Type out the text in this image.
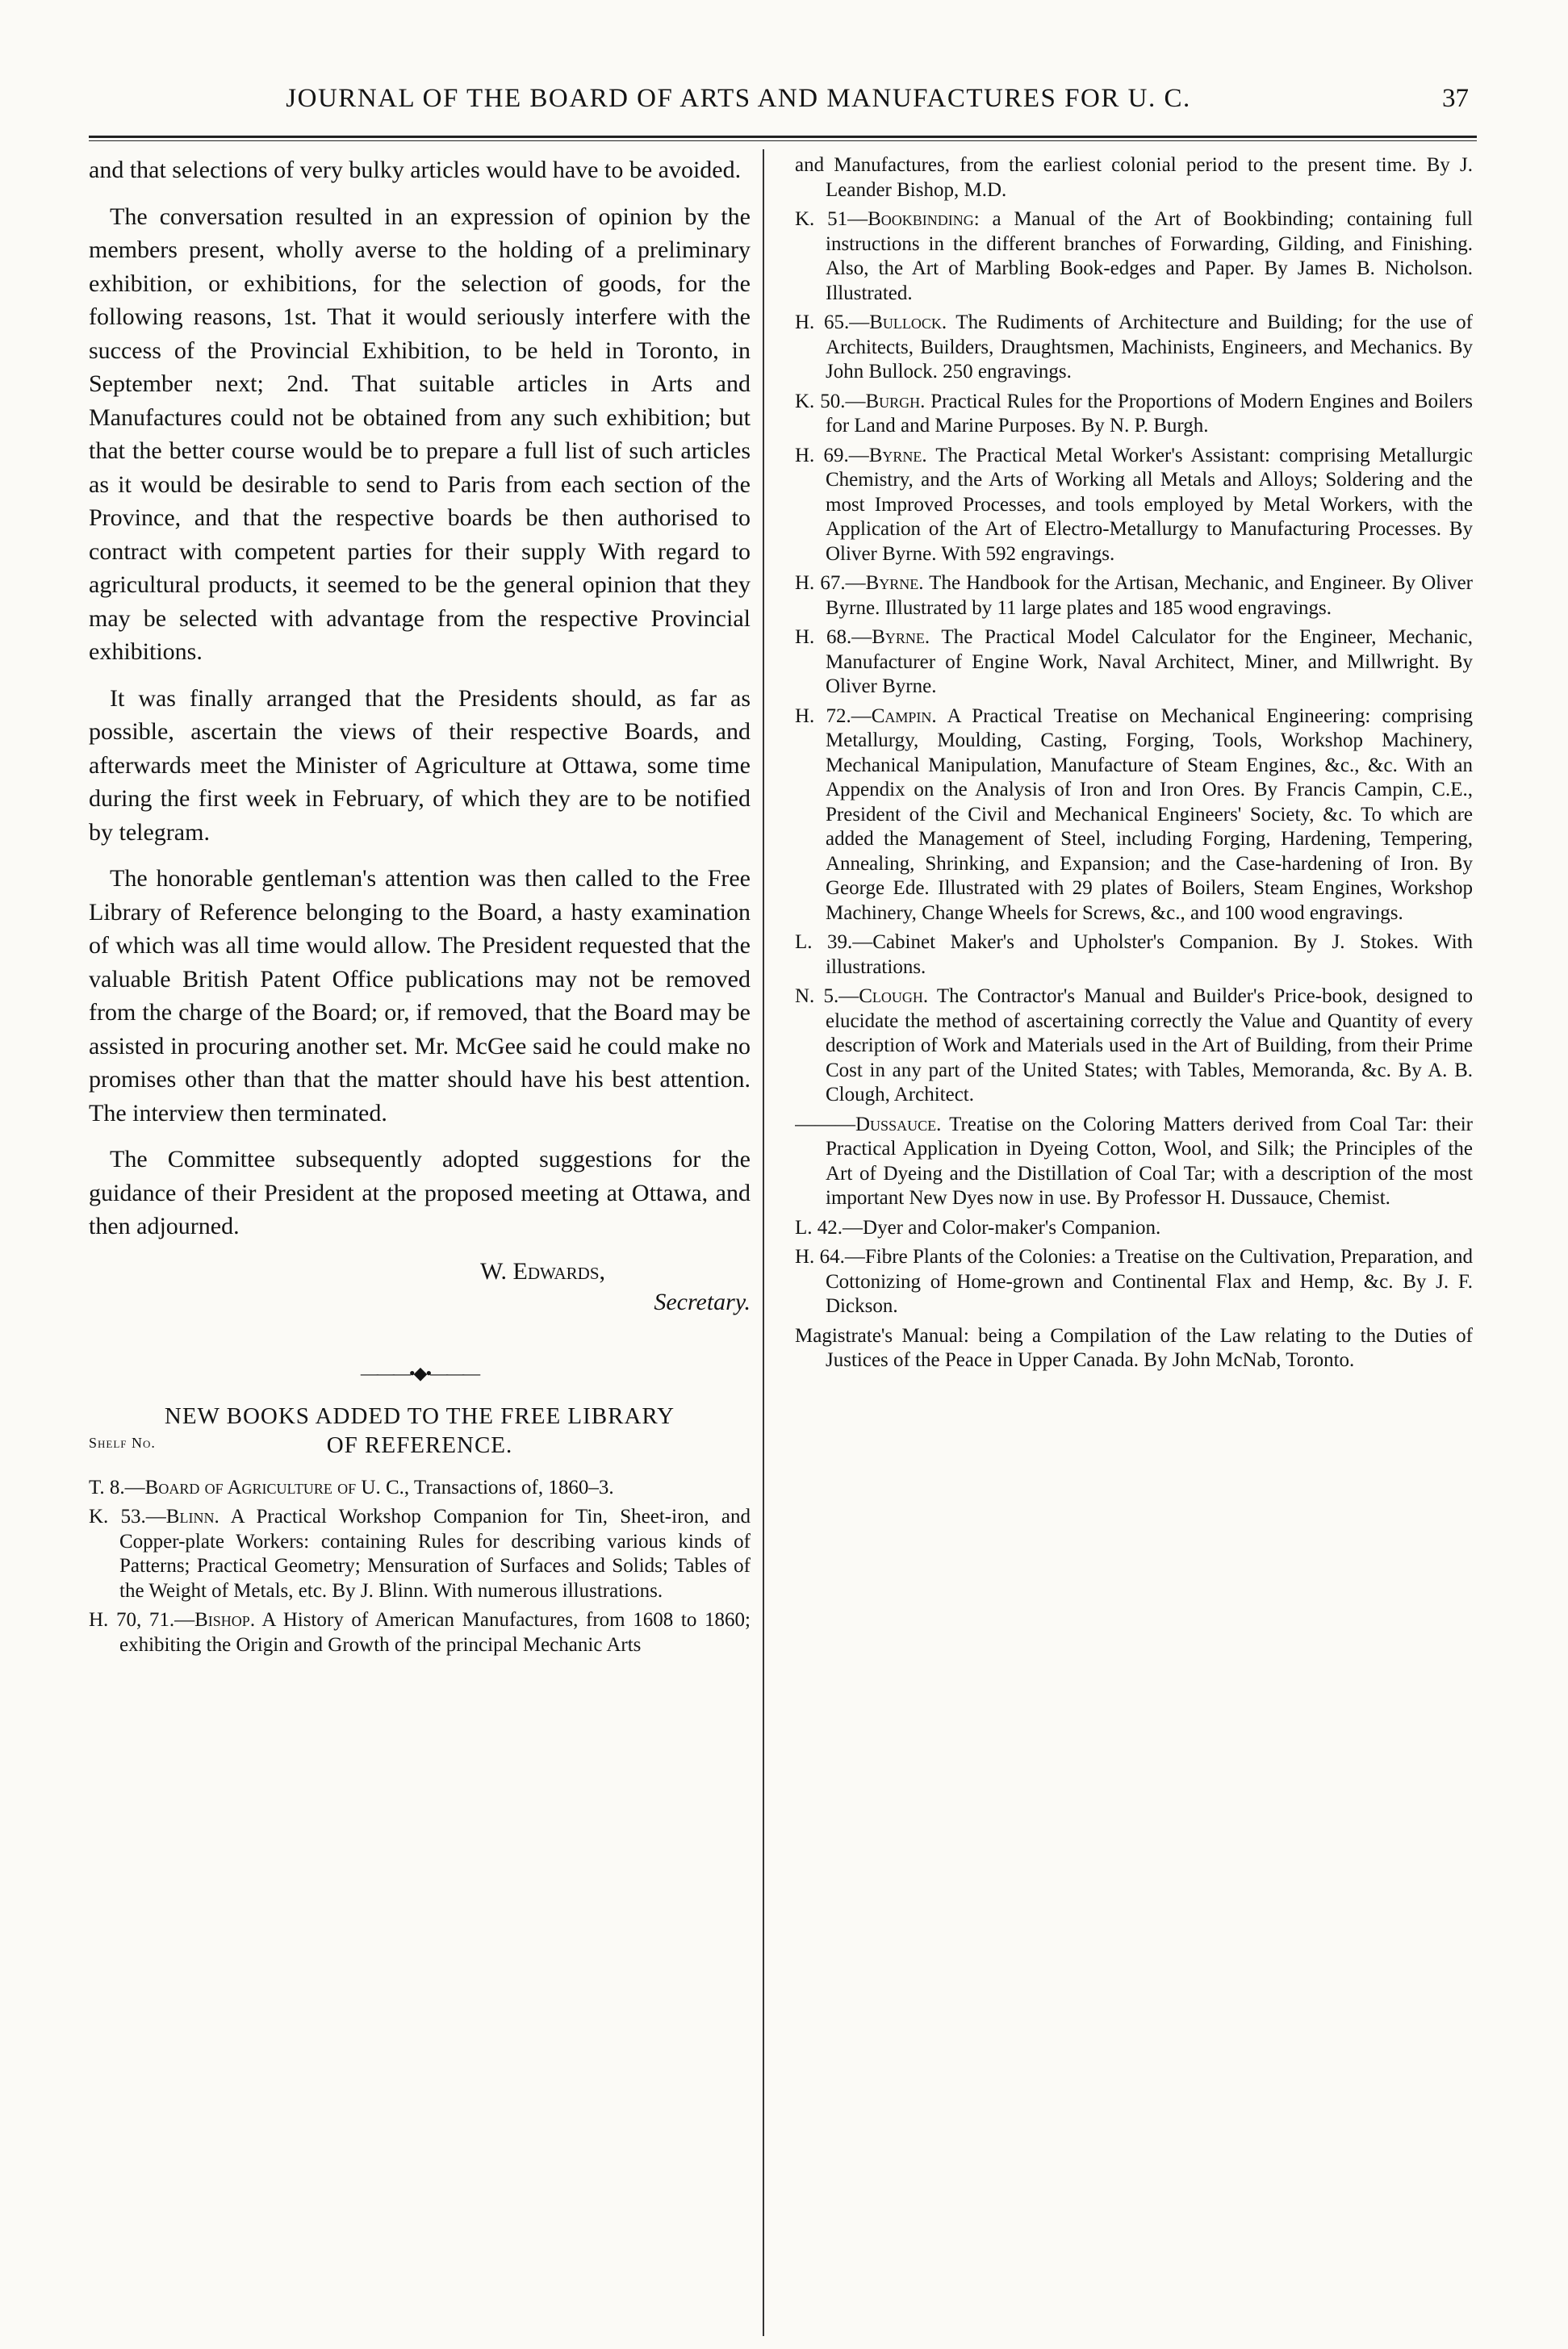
JOURNAL OF THE BOARD OF ARTS AND MANUFACTURES FOR U. C.	37

and that selections of very bulky articles would have to be avoided.

The conversation resulted in an expression of opinion by the members present, wholly averse to the holding of a preliminary exhibition, or exhibitions, for the selection of goods, for the following reasons, 1st. That it would seriously interfere with the success of the Provincial Exhibition, to be held in Toronto, in September next; 2nd. That suitable articles in Arts and Manufactures could not be obtained from any such exhibition; but that the better course would be to prepare a full list of such articles as it would be desirable to send to Paris from each section of the Province, and that the respective boards be then authorised to contract with competent parties for their supply With regard to agricultural products, it seemed to be the general opinion that they may be selected with advantage from the respective Provincial exhibitions.

It was finally arranged that the Presidents should, as far as possible, ascertain the views of their respective Boards, and afterwards meet the Minister of Agriculture at Ottawa, some time during the first week in February, of which they are to be notified by telegram.

The honorable gentleman's attention was then called to the Free Library of Reference belonging to the Board, a hasty examination of which was all time would allow. The President requested that the valuable British Patent Office publications may not be removed from the charge of the Board; or, if removed, that the Board may be assisted in procuring another set. Mr. McGee said he could make no promises other than that the matter should have his best attention. The interview then terminated.

The Committee subsequently adopted suggestions for the guidance of their President at the proposed meeting at Ottawa, and then adjourned.

W. Edwards,
Secretary.
———•◆•———

NEW BOOKS ADDED TO THE FREE LIBRARY

Shelf No.	OF REFERENCE.

T. 8.—Board of Agriculture of U. C., Transactions of, 1860–3.

K. 53.—Blinn. A Practical Workshop Companion for Tin, Sheet-iron, and Copper-plate Workers: containing Rules for describing various kinds of Patterns; Practical Geometry; Mensuration of Surfaces and Solids; Tables of the Weight of Metals, etc. By J. Blinn. With numerous illustrations.

H. 70, 71.—Bishop. A History of American Manufactures, from 1608 to 1860; exhibiting the Origin and Growth of the principal Mechanic Arts

and Manufactures, from the earliest colonial period to the present time. By J. Leander Bishop, M.D.

K. 51—Bookbinding: a Manual of the Art of Bookbinding; containing full instructions in the different branches of Forwarding, Gilding, and Finishing. Also, the Art of Marbling Book-edges and Paper. By James B. Nicholson. Illustrated.

H. 65.—Bullock. The Rudiments of Architecture and Building; for the use of Architects, Builders, Draughtsmen, Machinists, Engineers, and Mechanics. By John Bullock. 250 engravings.

K. 50.—Burgh. Practical Rules for the Proportions of Modern Engines and Boilers for Land and Marine Purposes. By N. P. Burgh.

H. 69.—Byrne. The Practical Metal Worker's Assistant: comprising Metallurgic Chemistry, and the Arts of Working all Metals and Alloys; Soldering and the most Improved Processes, and tools employed by Metal Workers, with the Application of the Art of Electro-Metallurgy to Manufacturing Processes. By Oliver Byrne. With 592 engravings.

H. 67.—Byrne. The Handbook for the Artisan, Mechanic, and Engineer. By Oliver Byrne. Illustrated by 11 large plates and 185 wood engravings.

H. 68.—Byrne. The Practical Model Calculator for the Engineer, Mechanic, Manufacturer of Engine Work, Naval Architect, Miner, and Millwright. By Oliver Byrne.

H. 72.—Campin. A Practical Treatise on Mechanical Engineering: comprising Metallurgy, Moulding, Casting, Forging, Tools, Workshop Machinery, Mechanical Manipulation, Manufacture of Steam Engines, &c., &c. With an Appendix on the Analysis of Iron and Iron Ores. By Francis Campin, C.E., President of the Civil and Mechanical Engineers' Society, &c. To which are added the Management of Steel, including Forging, Hardening, Tempering, Annealing, Shrinking, and Expansion; and the Case-hardening of Iron. By George Ede. Illustrated with 29 plates of Boilers, Steam Engines, Workshop Machinery, Change Wheels for Screws, &c., and 100 wood engravings.

L. 39.—Cabinet Maker's and Upholster's Companion. By J. Stokes. With illustrations.

N. 5.—Clough. The Contractor's Manual and Builder's Price-book, designed to elucidate the method of ascertaining correctly the Value and Quantity of every description of Work and Materials used in the Art of Building, from their Prime Cost in any part of the United States; with Tables, Memoranda, &c. By A. B. Clough, Architect.

———Dussauce. Treatise on the Coloring Matters derived from Coal Tar: their Practical Application in Dyeing Cotton, Wool, and Silk; the Principles of the Art of Dyeing and the Distillation of Coal Tar; with a description of the most important New Dyes now in use. By Professor H. Dussauce, Chemist.

L. 42.—Dyer and Color-maker's Companion.

H. 64.—Fibre Plants of the Colonies: a Treatise on the Cultivation, Preparation, and Cottonizing of Home-grown and Continental Flax and Hemp, &c. By J. F. Dickson.

Magistrate's Manual: being a Compilation of the Law relating to the Duties of Justices of the Peace in Upper Canada. By John McNab, Toronto.
